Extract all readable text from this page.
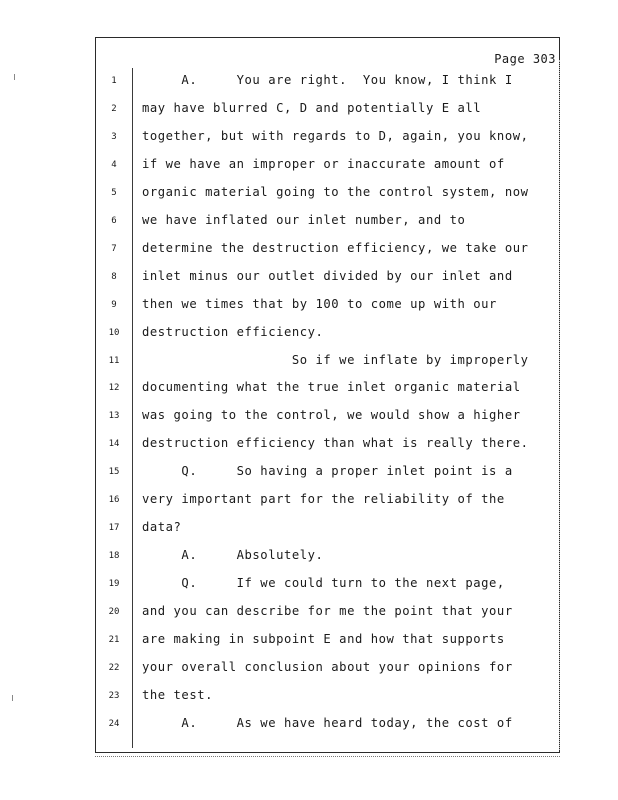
Page 303
1	A.     You are right.  You know, I think I
2	may have blurred C, D and potentially E all
3	together, but with regards to D, again, you know,
4	if we have an improper or inaccurate amount of
5	organic material going to the control system, now
6	we have inflated our inlet number, and to
7	determine the destruction efficiency, we take our
8	inlet minus our outlet divided by our inlet and
9	then we times that by 100 to come up with our
10	destruction efficiency.
11	So if we inflate by improperly
12	documenting what the true inlet organic material
13	was going to the control, we would show a higher
14	destruction efficiency than what is really there.
15	Q.     So having a proper inlet point is a
16	very important part for the reliability of the
17	data?
18	A.     Absolutely.
19	Q.     If we could turn to the next page,
20	and you can describe for me the point that your
21	are making in subpoint E and how that supports
22	your overall conclusion about your opinions for
23	the test.
24	A.     As we have heard today, the cost of
